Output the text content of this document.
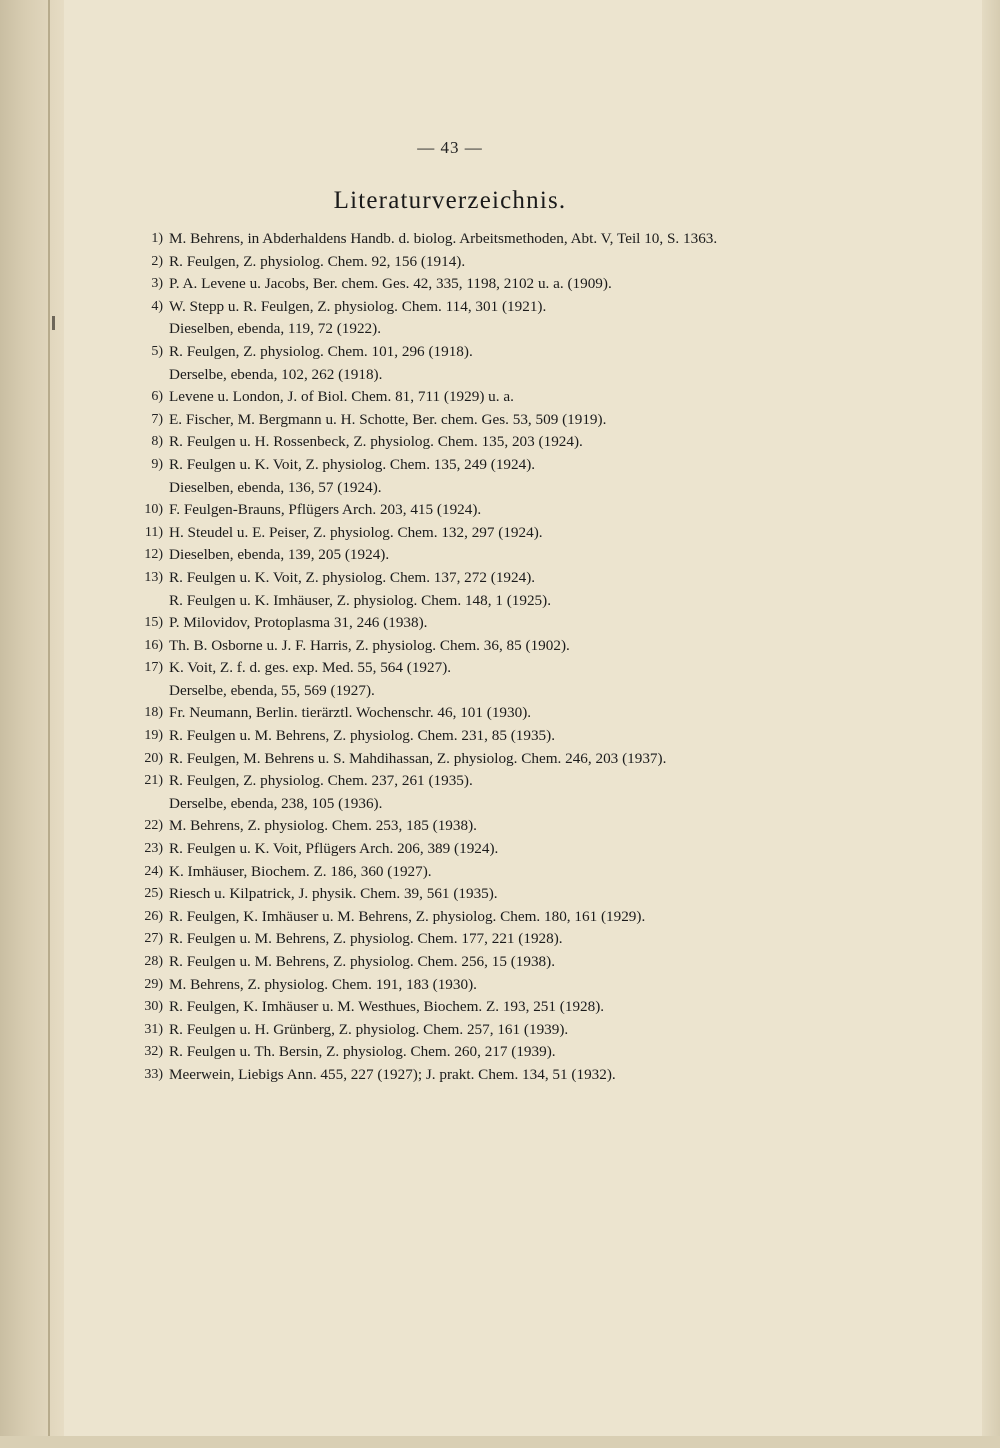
— 43 —
Literaturverzeichnis.
1) M. Behrens, in Abderhaldens Handb. d. biolog. Arbeitsmethoden, Abt. V, Teil 10, S. 1363.
2) R. Feulgen, Z. physiolog. Chem. 92, 156 (1914).
3) P. A. Levene u. Jacobs, Ber. chem. Ges. 42, 335, 1198, 2102 u. a. (1909).
4) W. Stepp u. R. Feulgen, Z. physiolog. Chem. 114, 301 (1921).
Dieselben, ebenda, 119, 72 (1922).
5) R. Feulgen, Z. physiolog. Chem. 101, 296 (1918).
Derselbe, ebenda, 102, 262 (1918).
6) Levene u. London, J. of Biol. Chem. 81, 711 (1929) u. a.
7) E. Fischer, M. Bergmann u. H. Schotte, Ber. chem. Ges. 53, 509 (1919).
8) R. Feulgen u. H. Rossenbeck, Z. physiolog. Chem. 135, 203 (1924).
9) R. Feulgen u. K. Voit, Z. physiolog. Chem. 135, 249 (1924).
Dieselben, ebenda, 136, 57 (1924).
10) F. Feulgen-Brauns, Pflügers Arch. 203, 415 (1924).
11) H. Steudel u. E. Peiser, Z. physiolog. Chem. 132, 297 (1924).
12) Dieselben, ebenda, 139, 205 (1924).
13) R. Feulgen u. K. Voit, Z. physiolog. Chem. 137, 272 (1924).
R. Feulgen u. K. Imhäuser, Z. physiolog. Chem. 148, 1 (1925).
15) P. Milovidov, Protoplasma 31, 246 (1938).
16) Th. B. Osborne u. J. F. Harris, Z. physiolog. Chem. 36, 85 (1902).
17) K. Voit, Z. f. d. ges. exp. Med. 55, 564 (1927).
Derselbe, ebenda, 55, 569 (1927).
18) Fr. Neumann, Berlin. tierärztl. Wochenschr. 46, 101 (1930).
19) R. Feulgen u. M. Behrens, Z. physiolog. Chem. 231, 85 (1935).
20) R. Feulgen, M. Behrens u. S. Mahdihassan, Z. physiolog. Chem. 246, 203 (1937).
21) R. Feulgen, Z. physiolog. Chem. 237, 261 (1935).
Derselbe, ebenda, 238, 105 (1936).
22) M. Behrens, Z. physiolog. Chem. 253, 185 (1938).
23) R. Feulgen u. K. Voit, Pflügers Arch. 206, 389 (1924).
24) K. Imhäuser, Biochem. Z. 186, 360 (1927).
25) Riesch u. Kilpatrick, J. physik. Chem. 39, 561 (1935).
26) R. Feulgen, K. Imhäuser u. M. Behrens, Z. physiolog. Chem. 180, 161 (1929).
27) R. Feulgen u. M. Behrens, Z. physiolog. Chem. 177, 221 (1928).
28) R. Feulgen u. M. Behrens, Z. physiolog. Chem. 256, 15 (1938).
29) M. Behrens, Z. physiolog. Chem. 191, 183 (1930).
30) R. Feulgen, K. Imhäuser u. M. Westhues, Biochem. Z. 193, 251 (1928).
31) R. Feulgen u. H. Grünberg, Z. physiolog. Chem. 257, 161 (1939).
32) R. Feulgen u. Th. Bersin, Z. physiolog. Chem. 260, 217 (1939).
33) Meerwein, Liebigs Ann. 455, 227 (1927); J. prakt. Chem. 134, 51 (1932).
